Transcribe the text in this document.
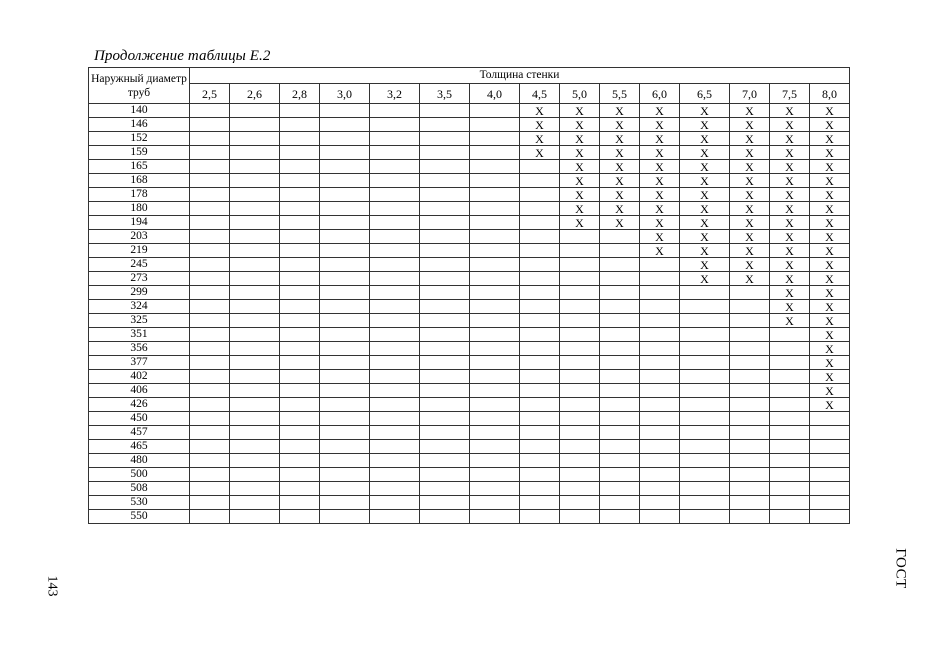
Продолжение таблицы Е.2
Наружный диаметр труб	Толщина стенки														
	2,5	2,6	2,8	3,0	3,2	3,5	4,0	4,5	5,0	5,5	6,0	6,5	7,0	7,5	8,0
140								X	X	X	X	X	X	X	X
146								X	X	X	X	X	X	X	X
152								X	X	X	X	X	X	X	X
159								X	X	X	X	X	X	X	X
165									X	X	X	X	X	X	X
168									X	X	X	X	X	X	X
178									X	X	X	X	X	X	X
180									X	X	X	X	X	X	X
194									X	X	X	X	X	X	X
203											X	X	X	X	X
219											X	X	X	X	X
245												X	X	X	X
273												X	X	X	X
299														X	X
324														X	X
325														X	X
351															X
356															X
377															X
402															X
406															X
426															X
450															
457															
465															
480															
500															
508															
530															
550															
143	ГОСТ
